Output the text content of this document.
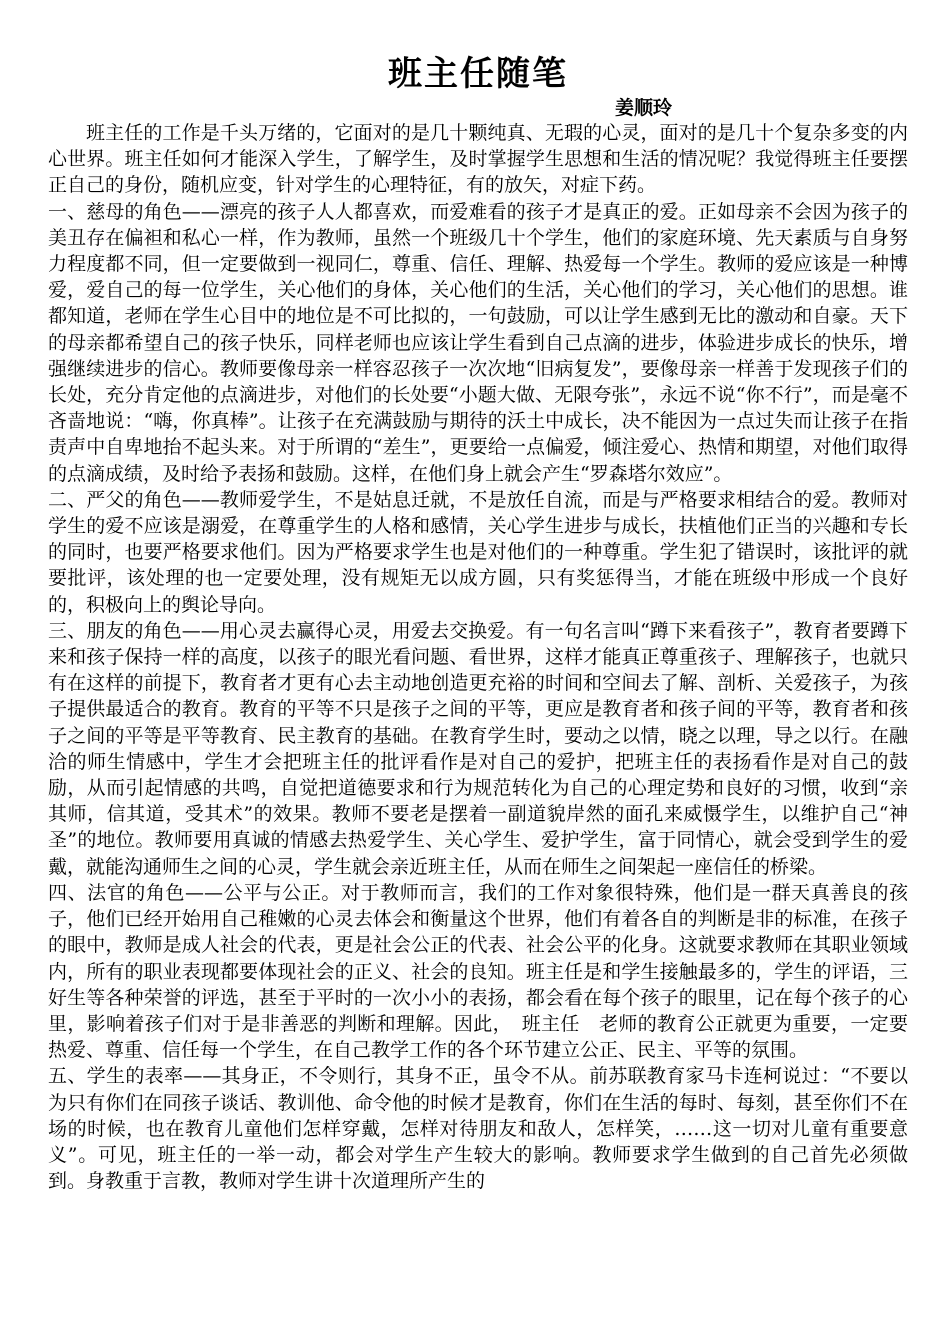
班主任随笔

姜顺玲

班主任的工作是千头万绪的，它面对的是几十颗纯真、无瑕的心灵，面对的是几十个复杂多变的内心世界。班主任如何才能深入学生，了解学生，及时掌握学生思想和生活的情况呢？我觉得班主任要摆正自己的身份，随机应变，针对学生的心理特征，有的放矢，对症下药。

一、慈母的角色——漂亮的孩子人人都喜欢，而爱难看的孩子才是真正的爱。正如母亲不会因为孩子的美丑存在偏袒和私心一样，作为教师，虽然一个班级几十个学生，他们的家庭环境、先天素质与自身努力程度都不同，但一定要做到一视同仁，尊重、信任、理解、热爱每一个学生。教师的爱应该是一种博爱，爱自己的每一位学生，关心他们的身体，关心他们的生活，关心他们的学习，关心他们的思想。谁都知道，老师在学生心目中的地位是不可比拟的，一句鼓励，可以让学生感到无比的激动和自豪。天下的母亲都希望自己的孩子快乐，同样老师也应该让学生看到自己点滴的进步，体验进步成长的快乐，增强继续进步的信心。教师要像母亲一样容忍孩子一次次地“旧病复发”，要像母亲一样善于发现孩子们的长处，充分肯定他的点滴进步，对他们的长处要“小题大做、无限夸张”，永远不说“你不行”，而是毫不吝啬地说：“嗨，你真棒”。让孩子在充满鼓励与期待的沃土中成长，决不能因为一点过失而让孩子在指责声中自卑地抬不起头来。对于所谓的“差生”，更要给一点偏爱，倾注爱心、热情和期望，对他们取得的点滴成绩，及时给予表扬和鼓励。这样，在他们身上就会产生“罗森塔尔效应”。

二、严父的角色——教师爱学生，不是姑息迁就，不是放任自流，而是与严格要求相结合的爱。教师对学生的爱不应该是溺爱，在尊重学生的人格和感情，关心学生进步与成长，扶植他们正当的兴趣和专长的同时，也要严格要求他们。因为严格要求学生也是对他们的一种尊重。学生犯了错误时，该批评的就要批评，该处理的也一定要处理，没有规矩无以成方圆，只有奖惩得当，才能在班级中形成一个良好的，积极向上的舆论导向。

三、朋友的角色——用心灵去赢得心灵，用爱去交换爱。有一句名言叫“蹲下来看孩子”，教育者要蹲下来和孩子保持一样的高度，以孩子的眼光看问题、看世界，这样才能真正尊重孩子、理解孩子，也就只有在这样的前提下，教育者才更有心去主动地创造更充裕的时间和空间去了解、剖析、关爱孩子，为孩子提供最适合的教育。教育的平等不只是孩子之间的平等，更应是教育者和孩子间的平等，教育者和孩子之间的平等是平等教育、民主教育的基础。在教育学生时，要动之以情，晓之以理，导之以行。在融洽的师生情感中，学生才会把班主任的批评看作是对自己的爱护，把班主任的表扬看作是对自己的鼓励，从而引起情感的共鸣，自觉把道德要求和行为规范转化为自己的心理定势和良好的习惯，收到“亲其师，信其道，受其术”的效果。教师不要老是摆着一副道貌岸然的面孔来威慑学生，以维护自己“神圣”的地位。教师要用真诚的情感去热爱学生、关心学生、爱护学生，富于同情心，就会受到学生的爱戴，就能沟通师生之间的心灵，学生就会亲近班主任，从而在师生之间架起一座信任的桥梁。

四、法官的角色——公平与公正。对于教师而言，我们的工作对象很特殊，他们是一群天真善良的孩子，他们已经开始用自己稚嫩的心灵去体会和衡量这个世界，他们有着各自的判断是非的标准，在孩子的眼中，教师是成人社会的代表，更是社会公正的代表、社会公平的化身。这就要求教师在其职业领域内，所有的职业表现都要体现社会的正义、社会的良知。班主任是和学生接触最多的，学生的评语，三好生等各种荣誉的评选，甚至于平时的一次小小的表扬，都会看在每个孩子的眼里，记在每个孩子的心里，影响着孩子们对于是非善恶的判断和理解。因此，　班主任　老师的教育公正就更为重要，一定要热爱、尊重、信任每一个学生，在自己教学工作的各个环节建立公正、民主、平等的氛围。

五、学生的表率——其身正，不令则行，其身不正，虽令不从。前苏联教育家马卡连柯说过：“不要以为只有你们在同孩子谈话、教训他、命令他的时候才是教育，你们在生活的每时、每刻，甚至你们不在场的时候，也在教育儿童他们怎样穿戴，怎样对待朋友和敌人，怎样笑，……这一切对儿童有重要意义”。可见，班主任的一举一动，都会对学生产生较大的影响。教师要求学生做到的自己首先必须做到。身教重于言教，教师对学生讲十次道理所产生的
